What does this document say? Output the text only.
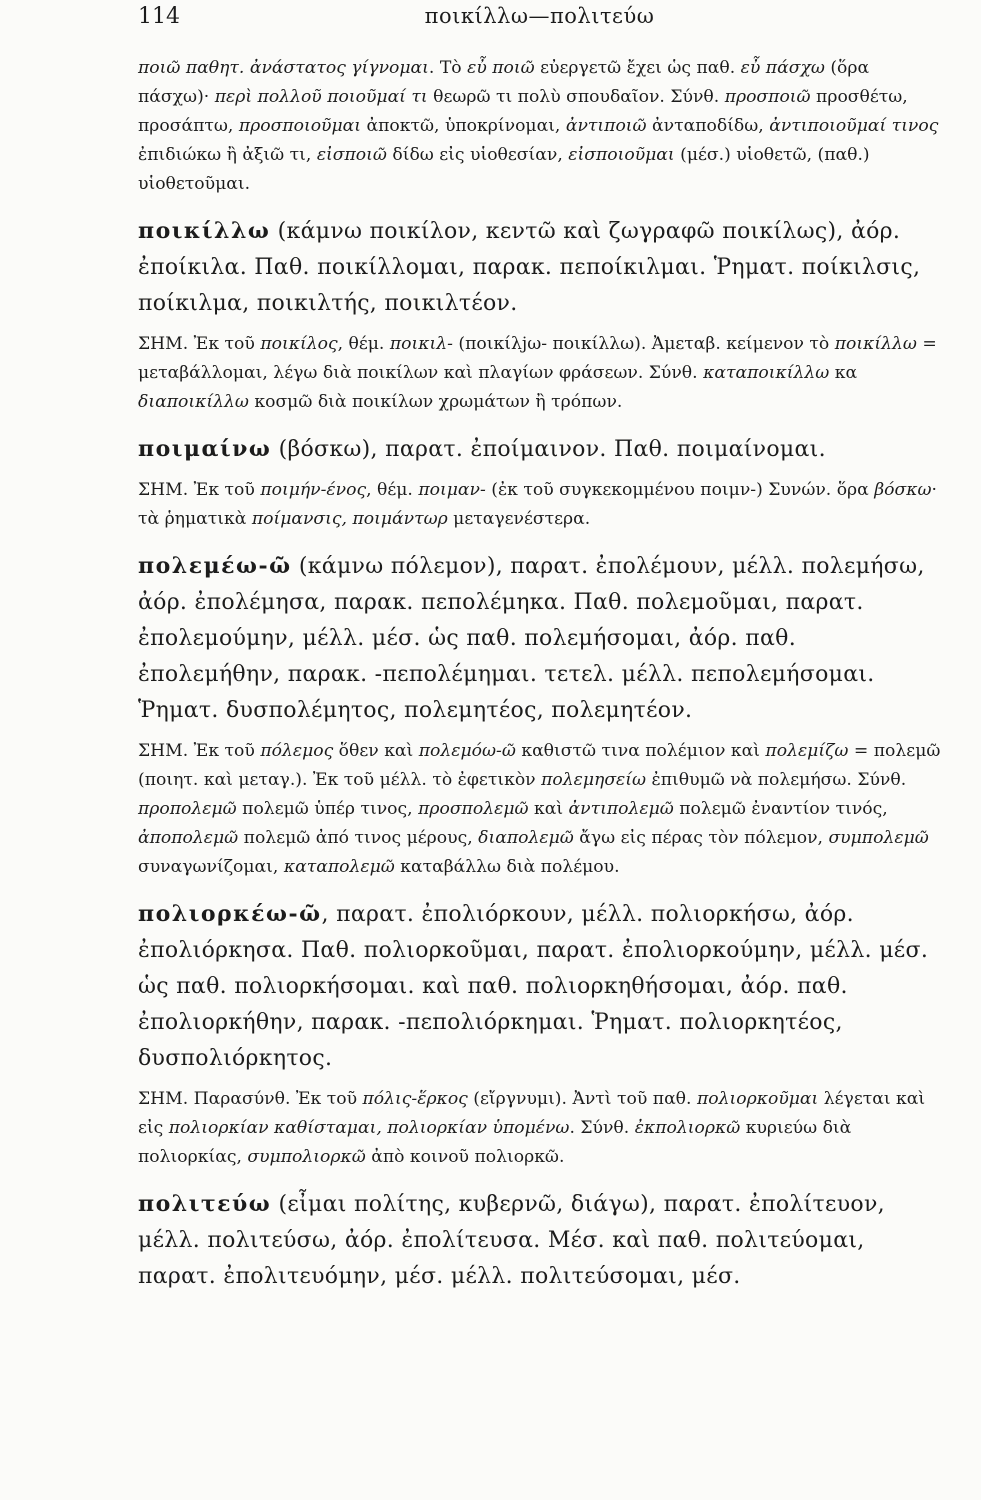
114	ποικίλλω—πολιτεύω

ποιῶ παθητ. ἀνάστατος γίγνομαι. Τὸ εὖ ποιῶ εὐεργετῶ ἔχει ὡς παθ. εὖ πάσχω (ὅρα πάσχω)· περὶ πολλοῦ ποιοῦμαί τι θεωρῶ τι πολὺ σπουδαῖον. Σύνθ. προσποιῶ προσθέτω, προσάπτω, προσποιοῦμαι ἀποκτῶ, ὑποκρίνομαι, ἀντιποιῶ ἀνταποδίδω, ἀντιποιοῦμαί τινος ἐπιδιώκω ἢ ἀξιῶ τι, εἰσποιῶ δίδω εἰς υἱοθεσίαν, εἰσποιοῦμαι (μέσ.) υἱοθετῶ, (παθ.) υἱοθετοῦμαι.

ποικίλλω (κάμνω ποικίλον, κεντῶ καὶ ζωγραφῶ ποικίλως), ἀόρ. ἐποίκιλα. Παθ. ποικίλλομαι, παρακ. πεποίκιλμαι. Ῥηματ. ποίκιλσις, ποίκιλμα, ποικιλτής, ποικιλτέον.

ΣΗΜ. Ἐκ τοῦ ποικίλος, θέμ. ποικιλ- (ποικίλjω- ποικίλλω). Ἀμεταβ. κείμενον τὸ ποικίλλω = μεταβάλλομαι, λέγω διὰ ποικίλων καὶ πλαγίων φράσεων. Σύνθ. καταποικίλλω κα διαποικίλλω κοσμῶ διὰ ποικίλων χρωμάτων ἢ τρόπων.

ποιμαίνω (βόσκω), παρατ. ἐποίμαινον. Παθ. ποιμαίνομαι.

ΣΗΜ. Ἐκ τοῦ ποιμήν-ένος, θέμ. ποιμαν- (ἐκ τοῦ συγκεκομμένου ποιμν-) Συνών. ὅρα βόσκω· τὰ ῥηματικὰ ποίμανσις, ποιμάντωρ μεταγενέστερα.

πολεμέω-ῶ (κάμνω πόλεμον), παρατ. ἐπολέμουν, μέλλ. πολεμήσω, ἀόρ. ἐπολέμησα, παρακ. πεπολέμηκα. Παθ. πολεμοῦμαι, παρατ. ἐπολεμούμην, μέλλ. μέσ. ὡς παθ. πολεμήσομαι, ἀόρ. παθ. ἐπολεμήθην, παρακ. -πεπολέμημαι. τετελ. μέλλ. πεπολεμήσομαι. Ῥηματ. δυσπολέμητος, πολεμητέος, πολεμητέον.

ΣΗΜ. Ἐκ τοῦ πόλεμος ὅθεν καὶ πολεμόω-ῶ καθιστῶ τινα πολέμιον καὶ πολεμίζω = πολεμῶ (ποιητ. καὶ μεταγ.). Ἐκ τοῦ μέλλ. τὸ ἐφετικὸν πολεμησείω ἐπιθυμῶ νὰ πολεμήσω. Σύνθ. προπολεμῶ πολεμῶ ὑπέρ τινος, προσπολεμῶ καὶ ἀντιπολεμῶ πολεμῶ ἐναντίον τινός, ἀποπολεμῶ πολεμῶ ἀπό τινος μέρους, διαπολεμῶ ἄγω εἰς πέρας τὸν πόλεμον, συμπολεμῶ συναγωνίζομαι, καταπολεμῶ καταβάλλω διὰ πολέμου.

πολιορκέω-ῶ, παρατ. ἐπολιόρκουν, μέλλ. πολιορκήσω, ἀόρ. ἐπολιόρκησα. Παθ. πολιορκοῦμαι, παρατ. ἐπολιορκούμην, μέλλ. μέσ. ὡς παθ. πολιορκήσομαι. καὶ παθ. πολιορκηθήσομαι, ἀόρ. παθ. ἐπολιορκήθην, παρακ. -πεπολιόρκημαι. Ῥηματ. πολιορκητέος, δυσπολιόρκητος.

ΣΗΜ. Παρασύνθ. Ἐκ τοῦ πόλις-ἕρκος (εἴργνυμι). Ἀντὶ τοῦ παθ. πολιορκοῦμαι λέγεται καὶ εἰς πολιορκίαν καθίσταμαι, πολιορκίαν ὑπομένω. Σύνθ. ἐκπολιορκῶ κυριεύω διὰ πολιορκίας, συμπολιορκῶ ἀπὸ κοινοῦ πολιορκῶ.

πολιτεύω (εἶμαι πολίτης, κυβερνῶ, διάγω), παρατ. ἐπολίτευον, μέλλ. πολιτεύσω, ἀόρ. ἐπολίτευσα. Μέσ. καὶ παθ. πολιτεύομαι, παρατ. ἐπολιτευόμην, μέσ. μέλλ. πολιτεύσομαι, μέσ.
